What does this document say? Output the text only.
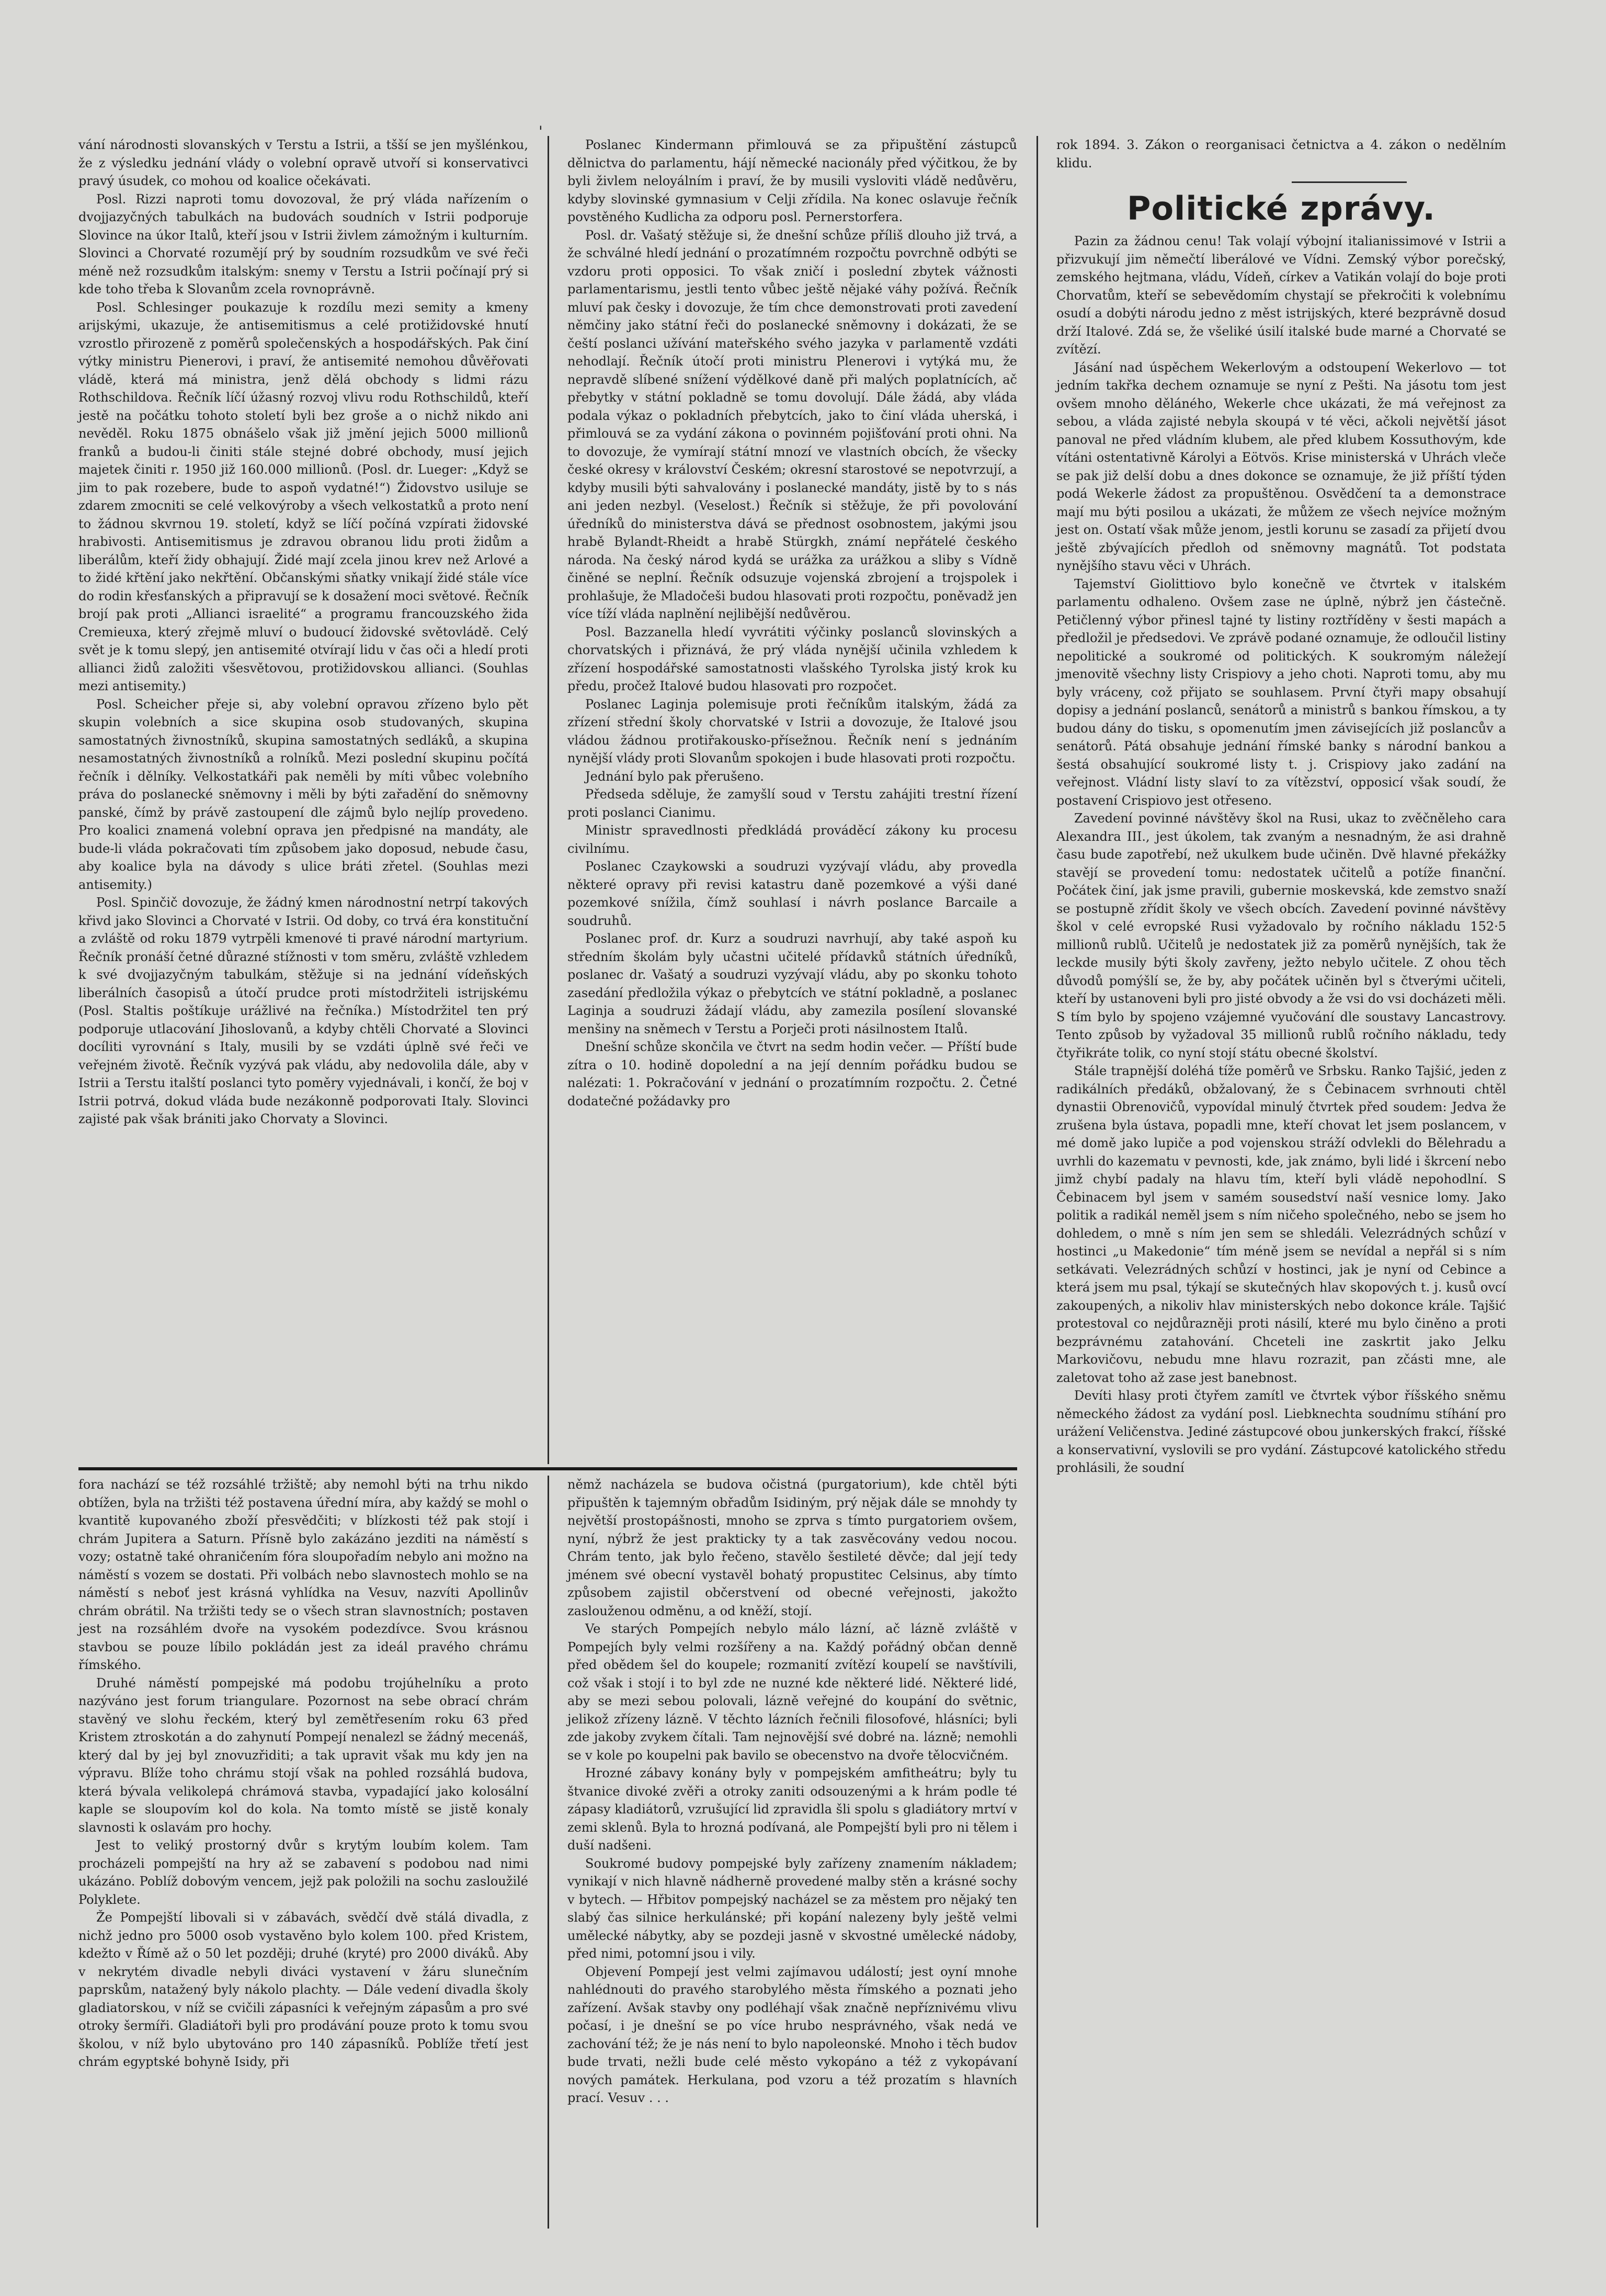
vání národnosti slovanských v Terstu a Istrii, a tšší se jen myšlénkou, že z výsledku jednání vlády o volební opravě utvoří si konservativci pravý úsudek, co mohou od koalice očekávati.

Posl. Rizzi naproti tomu dovozoval, že prý vláda nařízením o dvojjazyčných tabulkách na budovách soudních v Istrii podporuje Slovince na úkor Italů, kteří jsou v Istrii živlem zámožným i kulturním. Slovinci a Chorvaté rozumějí prý by soudním rozsudkům ve své řeči méně než rozsudkům italským: snemy v Terstu a Istrii počínají prý si kde toho třeba k Slovanům zcela rovnoprávně.

Posl. Schlesinger poukazuje k rozdílu mezi semity a kmeny arijskými, ukazuje, že antisemitismus a celé protižidovské hnutí vzrostlo přirozeně z poměrů společenských a hospodářských. Pak činí výtky ministru Pienerovi, i praví, že antisemité nemohou důvěřovati vládě, která má ministra, jenž dělá obchody s lidmi rázu Rothschildova. Řečník líčí úžasný rozvoj vlivu rodu Rothschildů, kteří jestě na počátku tohoto století byli bez groše a o nichž nikdo ani nevěděl. Roku 1875 obnášelo však již jmění jejich 5000 millionů franků a budou-li činiti stále stejné dobré obchody, musí jejich majetek činiti r. 1950 již 160.000 millionů. (Posl. dr. Lueger: „Když se jim to pak rozebere, bude to aspoň vydatné!“) Židovstvo usiluje se zdarem zmocniti se celé velkovýroby a všech velkostatků a proto není to žádnou skvrnou 19. století, když se líčí počíná vzpírati židovské hrabivosti. Antisemitismus je zdravou obranou lidu proti židům a liberálům, kteří židy obhajují. Židé mají zcela jinou krev než Arlové a to židé křtění jako nekřtění. Občanskými sňatky vnikají židé stále více do rodin křesťanských a připravují se k dosažení moci světové. Řečník brojí pak proti „Allianci israelité“ a programu francouzského žida Cremieuxa, který zřejmě mluví o budoucí židovské světovládě. Celý svět je k tomu slepý, jen antisemité otvírají lidu v čas oči a hledí proti allianci židů založiti všesvětovou, protižidovskou allianci. (Souhlas mezi antisemity.)

Posl. Scheicher přeje si, aby volební opravou zřízeno bylo pět skupin volebních a sice skupina osob studovaných, skupina samostatných živnostníků, skupina samostatných sedláků, a skupina nesamostatných živnostníků a rolníků. Mezi poslední skupinu počítá řečník i dělníky. Velkostatkáři pak neměli by míti vůbec volebního práva do poslanecké sněmovny i měli by býti zařadění do sněmovny panské, čímž by právě zastoupení dle zájmů bylo nejlíp provedeno. Pro koalici znamená volební oprava jen předpisné na mandáty, ale bude-li vláda pokračovati tím způsobem jako doposud, nebude času, aby koalice byla na dávody s ulice bráti zřetel. (Souhlas mezi antisemity.)

Posl. Spinčič dovozuje, že žádný kmen národnostní netrpí takových křivd jako Slovinci a Chorvaté v Istrii. Od doby, co trvá éra konstituční a zvláště od roku 1879 vytrpěli kmenové ti pravé národní martyrium. Řečník pronáší četné důrazné stížnosti v tom směru, zvláště vzhledem k své dvojjazyčným tabulkám, stěžuje si na jednání vídeňských liberálních časopisů a útočí prudce proti místodržiteli istrijskému (Posl. Staltis poštíkuje urážlivé na řečníka.) Místodržitel ten prý podporuje utlacování Jihoslovanů, a kdyby chtěli Chorvaté a Slovinci docíliti vyrovnání s Italy, musili by se vzdáti úplně své řeči ve veřejném životě. Řečník vyzývá pak vládu, aby nedovolila dále, aby v Istrii a Terstu italští poslanci tyto poměry vyjednávali, i končí, že boj v Istrii potrvá, dokud vláda bude nezákonně podporovati Italy. Slovinci zajisté pak však brániti jako Chorvaty a Slovinci.

Poslanec Kindermann přimlouvá se za připuštění zástupců dělnictva do parlamentu, hájí německé nacionály před výčitkou, že by byli živlem neloyálním i praví, že by musili vysloviti vládě nedůvěru, kdyby slovinské gymnasium v Celji zřídila. Na konec oslavuje řečník povstěného Kudlicha za odporu posl. Pernerstorfera.

Posl. dr. Vašatý stěžuje si, že dnešní schůze příliš dlouho již trvá, a že schválné hledí jednání o prozatímném rozpočtu povrchně odbýti se vzdoru proti opposici. To však zničí i poslední zbytek vážnosti parlamentarismu, jestli tento vůbec ještě nějaké váhy požívá. Řečník mluví pak česky i dovozuje, že tím chce demonstrovati proti zavedení němčiny jako státní řeči do poslanecké sněmovny i dokázati, že se čeští poslanci užívání mateřského svého jazyka v parlamentě vzdáti nehodlají. Řečník útočí proti ministru Plenerovi i vytýká mu, že nepravdě slíbené snížení výdělkové daně při malých poplatnících, ač přebytky v státní pokladně se tomu dovolují. Dále žádá, aby vláda podala výkaz o pokladních přebytcích, jako to činí vláda uherská, i přimlouvá se za vydání zákona o povinném pojišťování proti ohni. Na to dovozuje, že vymírají státní mnozí ve vlastních obcích, že všecky české okresy v království Českém; okresní starostové se nepotvrzují, a kdyby musili býti sahvalovány i poslanecké mandáty, jistě by to s nás ani jeden nezbyl. (Veselost.) Řečník si stěžuje, že při povolování úředníků do ministerstva dává se přednost osobnostem, jakými jsou hrabě Bylandt-Rheidt a hrabě Stürgkh, známí nepřátelé českého národa. Na český národ kydá se urážka za urážkou a sliby s Vídně činěné se neplní. Řečník odsuzuje vojenská zbrojení a trojspolek i prohlašuje, že Mladočeši budou hlasovati proti rozpočtu, poněvadž jen více tíží vláda naplnění nejlibější nedůvěrou.

Posl. Bazzanella hledí vyvrátiti výčinky poslanců slovinských a chorvatských i přiznává, že prý vláda nynější učinila vzhledem k zřízení hospodářské samostatnosti vlašského Tyrolska jistý krok ku předu, pročež Italové budou hlasovati pro rozpočet.

Poslanec Laginja polemisuje proti řečníkům italským, žádá za zřízení střední školy chorvatské v Istrii a dovozuje, že Italové jsou vládou žádnou protiřakousko-přísežnou. Řečník není s jednáním nynější vlády proti Slovanům spokojen i bude hlasovati proti rozpočtu.

Jednání bylo pak přerušeno.

Předseda sděluje, že zamyšlí soud v Terstu zahájiti trestní řízení proti poslanci Cianimu.

Ministr spravedlnosti předkládá prováděcí zákony ku procesu civilnímu.

Poslanec Czaykowski a soudruzi vyzývají vládu, aby provedla některé opravy při revisi katastru daně pozemkové a výši dané pozemkové snížila, čímž souhlasí i návrh poslance Barcaile a soudruhů.

Poslanec prof. dr. Kurz a soudruzi navrhují, aby také aspoň ku středním školám byly učastni učitelé přídavků státních úředníků, poslanec dr. Vašatý a soudruzi vyzývají vládu, aby po skonku tohoto zasedání předložila výkaz o přebytcích ve státní pokladně, a poslanec Laginja a soudruzi žádají vládu, aby zamezila posílení slovanské menšiny na sněmech v Terstu a Porječi proti násilnostem Italů.

Dnešní schůze skončila ve čtvrt na sedm hodin večer. — Příští bude zítra o 10. hodině dopolední a na její denním pořádku budou se nalézati: 1. Pokračování v jednání o prozatímním rozpočtu. 2. Četné dodatečné požádavky pro

rok 1894. 3. Zákon o reorganisaci četnictva a 4. zákon o nedělním klidu.

Politické zprávy.

Pazin za žádnou cenu! Tak volají výbojní italianissimové v Istrii a přizvukují jim němečtí liberálové ve Vídni. Zemský výbor porečský, zemského hejtmana, vládu, Vídeň, církev a Vatikán volají do boje proti Chorvatům, kteří se sebevědomím chystají se překročiti k volebnímu osudí a dobýti národu jedno z měst istrijských, které bezprávně dosud drží Italové. Zdá se, že všeliké úsilí italské bude marné a Chorvaté se zvítězí.

Jásání nad úspěchem Wekerlovým a odstoupení Wekerlovo — tot jedním takřka dechem oznamuje se nyní z Pešti. Na jásotu tom jest ovšem mnoho děláného, Wekerle chce ukázati, že má veřejnost za sebou, a vláda zajisté nebyla skoupá v té věci, ačkoli největší jásot panoval ne před vládním klubem, ale před klubem Kossuthovým, kde vítáni ostentativně Károlyi a Eötvös. Krise ministerská v Uhrách vleče se pak již delší dobu a dnes dokonce se oznamuje, že již příští týden podá Wekerle žádost za propuštěnou. Osvědčení ta a demonstrace mají mu býti posilou a ukázati, že můžem ze všech nejvíce možným jest on. Ostatí však může jenom, jestli korunu se zasadí za přijetí dvou ještě zbývajících předloh od sněmovny magnátů. Tot podstata nynějšího stavu věci v Uhrách.

Tajemství Giolittiovo bylo konečně ve čtvrtek v italském parlamentu odhaleno. Ovšem zase ne úplně, nýbrž jen částečně. Petičlenný výbor přinesl tajné ty listiny roztříděny v šesti mapách a předložil je předsedovi. Ve zprávě podané oznamuje, že odloučil listiny nepolitické a soukromé od politických. K soukromým náležejí jmenovitě všechny listy Crispiovy a jeho choti. Naproti tomu, aby mu byly vráceny, což přijato se souhlasem. První čtyři mapy obsahují dopisy a jednání poslanců, senátorů a ministrů s bankou římskou, a ty budou dány do tisku, s opomenutím jmen závisejících již poslancův a senátorů. Pátá obsahuje jednání římské banky s národní bankou a šestá obsahující soukromé listy t. j. Crispiovy jako zadání na veřejnost. Vládní listy slaví to za vítězství, opposicí však soudí, že postavení Crispiovo jest otřeseno.

Zavedení povinné návštěvy škol na Rusi, ukaz to zvěčněleho cara Alexandra III., jest úkolem, tak zvaným a nesnadným, že asi drahně času bude zapotřebí, než ukulkem bude učiněn. Dvě hlavné překážky stavějí se provedení tomu: nedostatek učitelů a potíže finanční. Počátek činí, jak jsme pravili, gubernie moskevská, kde zemstvo snaží se postupně zřídit školy ve všech obcích. Zavedení povinné návštěvy škol v celé evropské Rusi vyžadovalo by ročního nákladu 152·5 millionů rublů. Učitelů je nedostatek již za poměrů nynějších, tak že leckde musily býti školy zavřeny, ježto nebylo učitele. Z ohou těch důvodů pomýšlí se, že by, aby počátek učiněn byl s čtverými učiteli, kteří by ustanoveni byli pro jisté obvody a že vsi do vsi docházeti měli. S tím bylo by spojeno vzájemné vyučování dle soustavy Lancastrovy. Tento způsob by vyžadoval 35 millionů rublů ročního nákladu, tedy čtyřikráte tolik, co nyní stojí státu obecné školství.

Stále trapnější doléhá tíže poměrů ve Srbsku. Ranko Tajšić, jeden z radikálních předáků, obžalovaný, že s Čebinacem svrhnouti chtěl dynastii Obrenovičů, vypovídal minulý čtvrtek před soudem: Jedva že zrušena byla ústava, popadli mne, kteří chovat let jsem poslancem, v mé domě jako lupiče a pod vojenskou stráží odvlekli do Bělehradu a uvrhli do kazematu v pevnosti, kde, jak známo, byli lidé i škrcení nebo jimž chybí padaly na hlavu tím, kteří byli vládě nepohodlní. S Čebinacem byl jsem v samém sousedství naší vesnice lomy. Jako politik a radikál neměl jsem s ním ničeho společného, nebo se jsem ho dohledem, o mně s ním jen sem se shledáli. Velezrádných schůzí v hostinci „u Makedonie“ tím méně jsem se nevídal a nepřál si s ním setkávati. Velezrádných schůzí v hostinci, jak je nyní od Cebince a která jsem mu psal, týkají se skutečných hlav skopových t. j. kusů ovcí zakoupených, a nikoliv hlav ministerských nebo dokonce krále. Tajšić protestoval co nejdůrazněji proti násilí, které mu bylo činěno a proti bezprávnému zatahování. Chceteli ine zaskrtit jako Jelku Markovičovu, nebudu mne hlavu rozrazit, pan zčásti mne, ale zaletovat toho až zase jest banebnost.

Devíti hlasy proti čtyřem zamítl ve čtvrtek výbor říšského sněmu německého žádost za vydání posl. Liebknechta soudnímu stíhání pro urážení Veličenstva. Jediné zástupcové obou junkerských frakcí, říšské a konservativní, vyslovili se pro vydání. Zástupcové katolického středu prohlásili, že soudní

fora nachází se též rozsáhlé tržiště; aby nemohl býti na trhu nikdo obtížen, byla na tržišti též postavena úřední míra, aby každý se mohl o kvantitě kupovaného zboží přesvědčiti; v blízkosti též pak stojí i chrám Jupitera a Saturn. Přísně bylo zakázáno jezditi na náměstí s vozy; ostatně také ohraničením fóra sloupořadím nebylo ani možno na náměstí s vozem se dostati. Při volbách nebo slavnostech mohlo se na náměstí s neboť jest krásná vyhlídka na Vesuv, nazvíti Apollinův chrám obrátil. Na tržišti tedy se o všech stran slavnostních; postaven jest na rozsáhlém dvoře na vysokém podezdívce. Svou krásnou stavbou se pouze líbilo pokládán jest za ideál pravého chrámu římského.

Druhé náměstí pompejské má podobu trojúhelníku a proto nazýváno jest forum triangulare. Pozornost na sebe obrací chrám stavěný ve slohu řeckém, který byl zemětřesením roku 63 před Kristem ztroskotán a do zahynutí Pompejí nenalezl se žádný mecenáš, který dal by jej byl znovuzřiditi; a tak upravit však mu kdy jen na výpravu. Blíže toho chrámu stojí však na pohled rozsáhlá budova, která bývala velikolepá chrámová stavba, vypadající jako kolosální kaple se sloupovím kol do kola. Na tomto místě se jistě konaly slavnosti k oslavám pro hochy.

Jest to veliký prostorný dvůr s krytým loubím kolem. Tam procházeli pompejští na hry až se zabavení s podobou nad nimi ukázáno. Poblíž dobovým vencem, jejž pak položili na sochu zasloužilé Polyklete.

Že Pompejští libovali si v zábavách, svědčí dvě stálá divadla, z nichž jedno pro 5000 osob vystavěno bylo kolem 100. před Kristem, kdežto v Římě až o 50 let později; druhé (kryté) pro 2000 diváků. Aby v nekrytém divadle nebyli diváci vystavení v žáru slunečním paprskům, natažený byly nákolo plachty. — Dále vedení divadla školy gladiatorskou, v níž se cvičili zápasníci k veřejným zápasům a pro své otroky šermíři. Gladiátoři byli pro prodávání pouze proto k tomu svou školou, v níž bylo ubytováno pro 140 zápasníků. Poblíže třetí jest chrám egyptské bohyně Isidy, při

němž nacházela se budova očistná (purgatorium), kde chtěl býti připuštěn k tajemným obřadům Isidiným, prý nějak dále se mnohdy ty největší prostopášnosti, mnoho se zprva s tímto purgatoriem ovšem, nyní, nýbrž že jest prakticky ty a tak zasvěcovány vedou nocou. Chrám tento, jak bylo řečeno, stavělo šestileté děvče; dal její tedy jménem své obecní vystavěl bohatý propustitec Celsinus, aby tímto způsobem zajistil občerstvení od obecné veřejnosti, jakožto zaslouženou odměnu, a od kněží, stojí.

Ve starých Pompejích nebylo málo lázní, ač lázně zvláště v Pompejích byly velmi rozšířeny a na. Každý pořádný občan denně před obědem šel do koupele; rozmanití zvítězí koupelí se navštívili, což však i stojí i to byl zde ne nuzné kde některé lidé. Některé lidé, aby se mezi sebou polovali, lázně veřejné do koupání do světnic, jelikož zřízeny lázně. V těchto lázních řečnili filosofové, hlásníci; byli zde jakoby zvykem čítali. Tam nejnovější své dobré na. lázně; nemohli se v kole po koupelni pak bavilo se obecenstvo na dvoře tělocvičném.

Hrozné zábavy konány byly v pompejském amfitheátru; byly tu štvanice divoké zvěři a otroky zaniti odsouzenými a k hrám podle té zápasy kladiátorů, vzrušující lid zpravidla šli spolu s gladiátory mrtví v zemi sklenů. Byla to hrozná podívaná, ale Pompejští byli pro ni tělem i duší nadšeni.

Soukromé budovy pompejské byly zařízeny znamením nákladem; vynikají v nich hlavně nádherně provedené malby stěn a krásné sochy v bytech. — Hřbitov pompejský nacházel se za městem pro nějaký ten slabý čas silnice herkulánské; při kopání nalezeny byly ještě velmi umělecké nábytky, aby se pozdeji jasně v skvostné umělecké nádoby, před nimi, potomní jsou i vily.

Objevení Pompejí jest velmi zajímavou událostí; jest oyní mnohe nahlédnouti do pravého starobylého města římského a poznati jeho zařízení. Avšak stavby ony podléhají však značně nepříznivému vlivu počasí, i je dnešní se po více hrubo nesprávného, však nedá ve zachování též; že je nás není to bylo napoleonské. Mnoho i těch budov bude trvati, nežli bude celé město vykopáno a též z vykopávaní nových památek. Herkulana, pod vzoru a též prozatím s hlavních prací. Vesuv . . .

'
